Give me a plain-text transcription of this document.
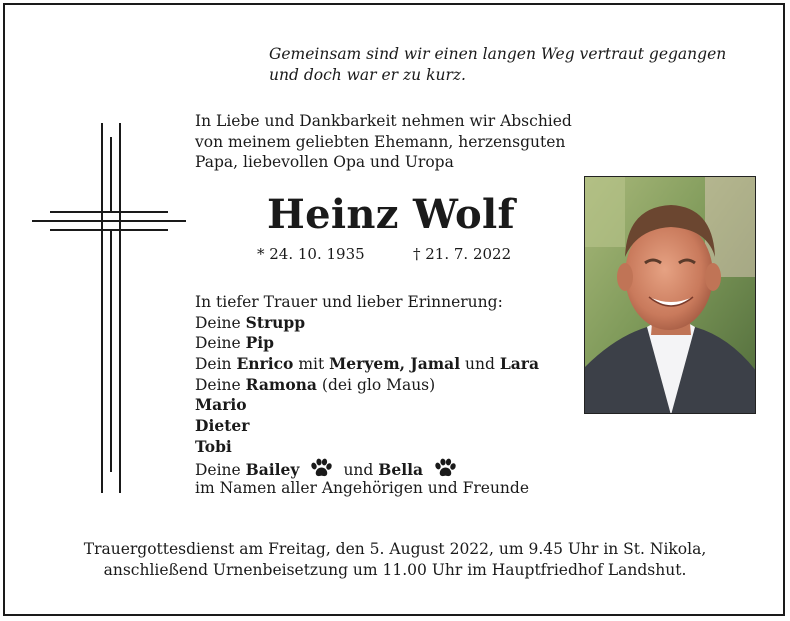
Gemeinsam sind wir einen langen Weg vertraut gegangen
und doch war er zu kurz.
In Liebe und Dankbarkeit nehmen wir Abschied
von meinem geliebten Ehemann, herzensguten
Papa, liebevollen Opa und Uropa
Heinz Wolf
* 24. 10. 1935	† 21. 7. 2022
In tiefer Trauer und lieber Erinnerung:
Deine Strupp
Deine Pip
Dein Enrico mit Meryem, Jamal und Lara
Deine Ramona (dei glo Maus)
Mario
Dieter
Tobi
Deine Bailey	und Bella
im Namen aller Angehörigen und Freunde
Trauergottesdienst am Freitag, den 5. August 2022, um 9.45 Uhr in St. Nikola,
anschließend Urnenbeisetzung um 11.00 Uhr im Hauptfriedhof Landshut.
